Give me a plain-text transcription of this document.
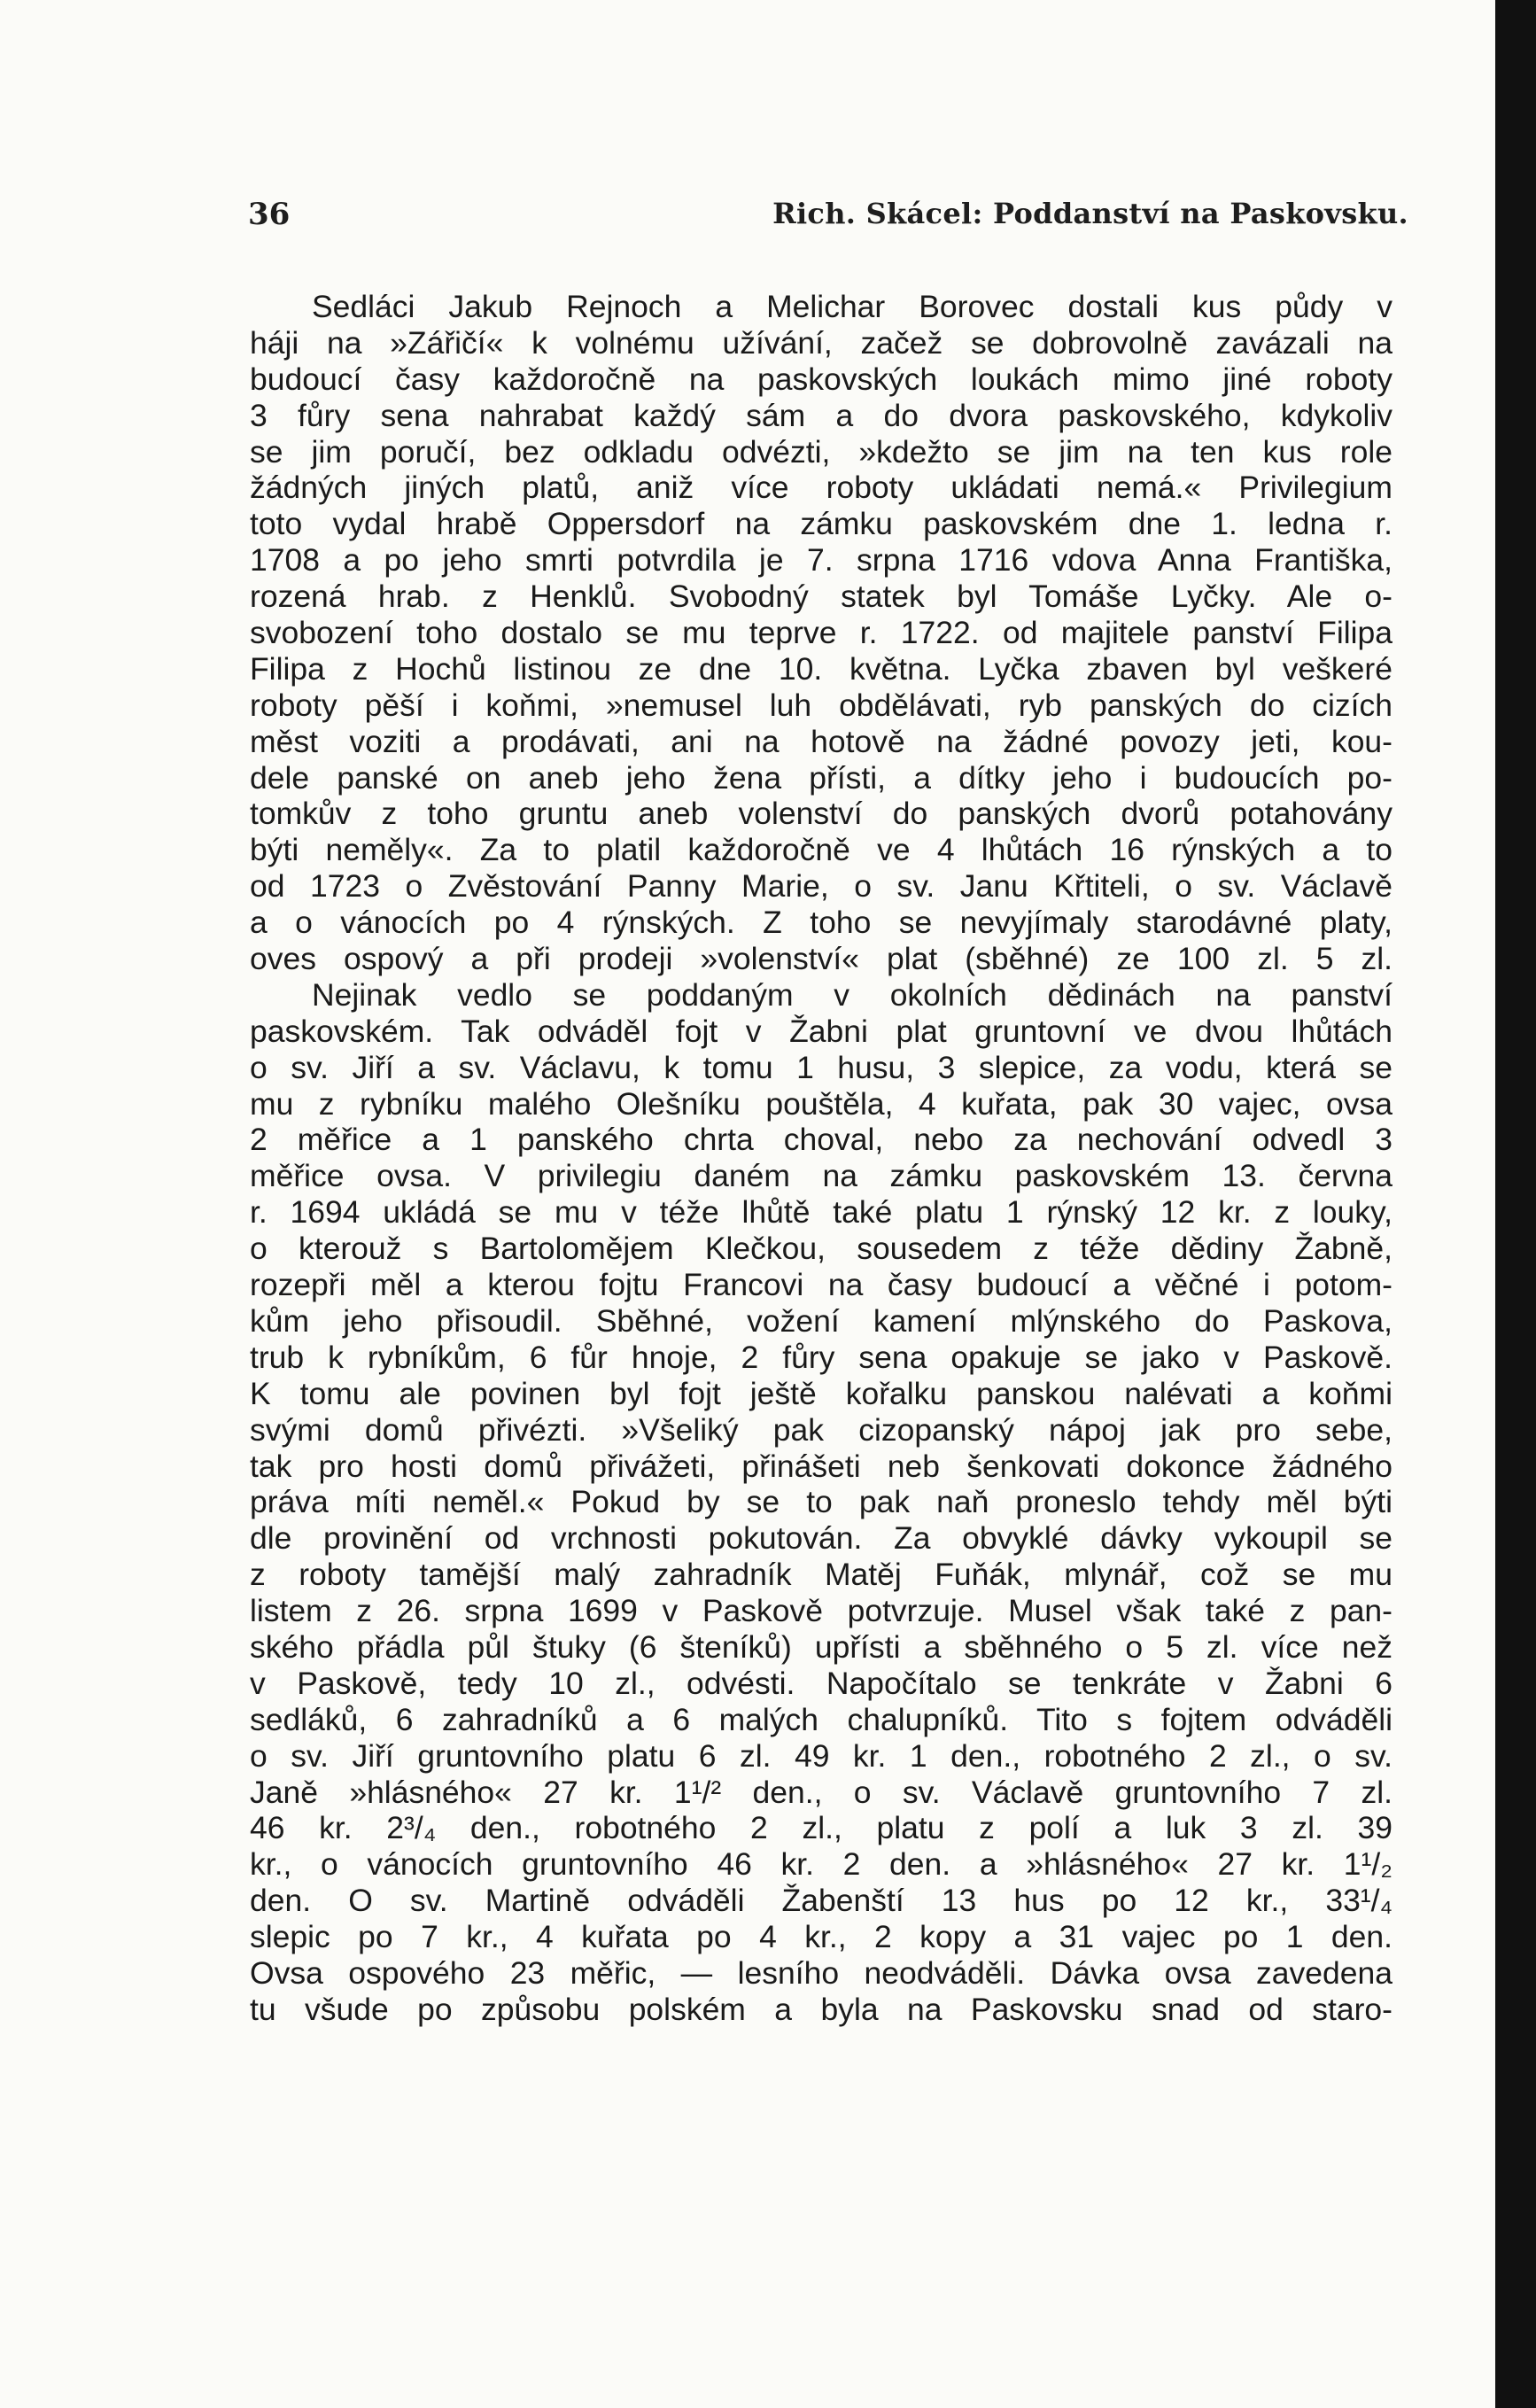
36	Rich. Skácel: Poddanství na Paskovsku.
Sedláci Jakub Rejnoch a Melichar Borovec dostali kus půdy v
háji na »Zářičí« k volnému užívání, začež se dobrovolně zavázali na
budoucí časy každoročně na paskovských loukách mimo jiné roboty
3 fůry sena nahrabat každý sám a do dvora paskovského, kdykoliv
se jim poručí, bez odkladu odvézti, »kdežto se jim na ten kus role
žádných jiných platů, aniž více roboty ukládati nemá.« Privilegium
toto vydal hrabě Oppersdorf na zámku paskovském dne 1. ledna r.
1708 a po jeho smrti potvrdila je 7. srpna 1716 vdova Anna Františka,
rozená hrab. z Henklů. Svobodný statek byl Tomáše Lyčky. Ale o-
svobození toho dostalo se mu teprve r. 1722. od majitele panství Filipa
Filipa z Hochů listinou ze dne 10. května. Lyčka zbaven byl veškeré
roboty pěší i koňmi, »nemusel luh obdělávati, ryb panských do cizích
měst voziti a prodávati, ani na hotově na žádné povozy jeti, kou-
dele panské on aneb jeho žena přísti, a dítky jeho i budoucích po-
tomkův z toho gruntu aneb volenství do panských dvorů potahovány
býti neměly«. Za to platil každoročně ve 4 lhůtách 16 rýnských a to
od 1723 o Zvěstování Panny Marie, o sv. Janu Křtiteli, o sv. Václavě
a o vánocích po 4 rýnských. Z toho se nevyjímaly starodávné platy,
oves ospový a při prodeji »volenství« plat (sběhné) ze 100 zl. 5 zl.
Nejinak vedlo se poddaným v okolních dědinách na panství
paskovském. Tak odváděl fojt v Žabni plat gruntovní ve dvou lhůtách
o sv. Jiří a sv. Václavu, k tomu 1 husu, 3 slepice, za vodu, která se
mu z rybníku malého Olešníku pouštěla, 4 kuřata, pak 30 vajec, ovsa
2 měřice a 1 panského chrta choval, nebo za nechování odvedl 3
měřice ovsa. V privilegiu daném na zámku paskovském 13. června
r. 1694 ukládá se mu v téže lhůtě také platu 1 rýnský 12 kr. z louky,
o kterouž s Bartolomějem Klečkou, sousedem z téže dědiny Žabně,
rozepři měl a kterou fojtu Francovi na časy budoucí a věčné i potom-
kům jeho přisoudil. Sběhné, vožení kamení mlýnského do Paskova,
trub k rybníkům, 6 fůr hnoje, 2 fůry sena opakuje se jako v Paskově.
K tomu ale povinen byl fojt ještě kořalku panskou nalévati a koňmi
svými domů přivézti. »Všeliký pak cizopanský nápoj jak pro sebe,
tak pro hosti domů přivážeti, přinášeti neb šenkovati dokonce žádného
práva míti neměl.« Pokud by se to pak naň proneslo tehdy měl býti
dle provinění od vrchnosti pokutován. Za obvyklé dávky vykoupil se
z roboty tamější malý zahradník Matěj Fuňák, mlynář, což se mu
listem z 26. srpna 1699 v Paskově potvrzuje. Musel však také z pan-
ského přádla půl štuky (6 šteníků) upřísti a sběhného o 5 zl. více než
v Paskově, tedy 10 zl., odvésti. Napočítalo se tenkráte v Žabni 6
sedláků, 6 zahradníků a 6 malých chalupníků. Tito s fojtem odváděli
o sv. Jiří gruntovního platu 6 zl. 49 kr. 1 den., robotného 2 zl., o sv.
Janě »hlásného« 27 kr. 1¹/² den., o sv. Václavě gruntovního 7 zl.
46 kr. 2³/₄ den., robotného 2 zl., platu z polí a luk 3 zl. 39
kr., o vánocích gruntovního 46 kr. 2 den. a »hlásného« 27 kr. 1¹/₂
den. O sv. Martině odváděli Žabenští 13 hus po 12 kr., 33¹/₄
slepic po 7 kr., 4 kuřata po 4 kr., 2 kopy a 31 vajec po 1 den.
Ovsa ospového 23 měřic, — lesního neodváděli. Dávka ovsa zavedena
tu všude po způsobu polském a byla na Paskovsku snad od staro-
